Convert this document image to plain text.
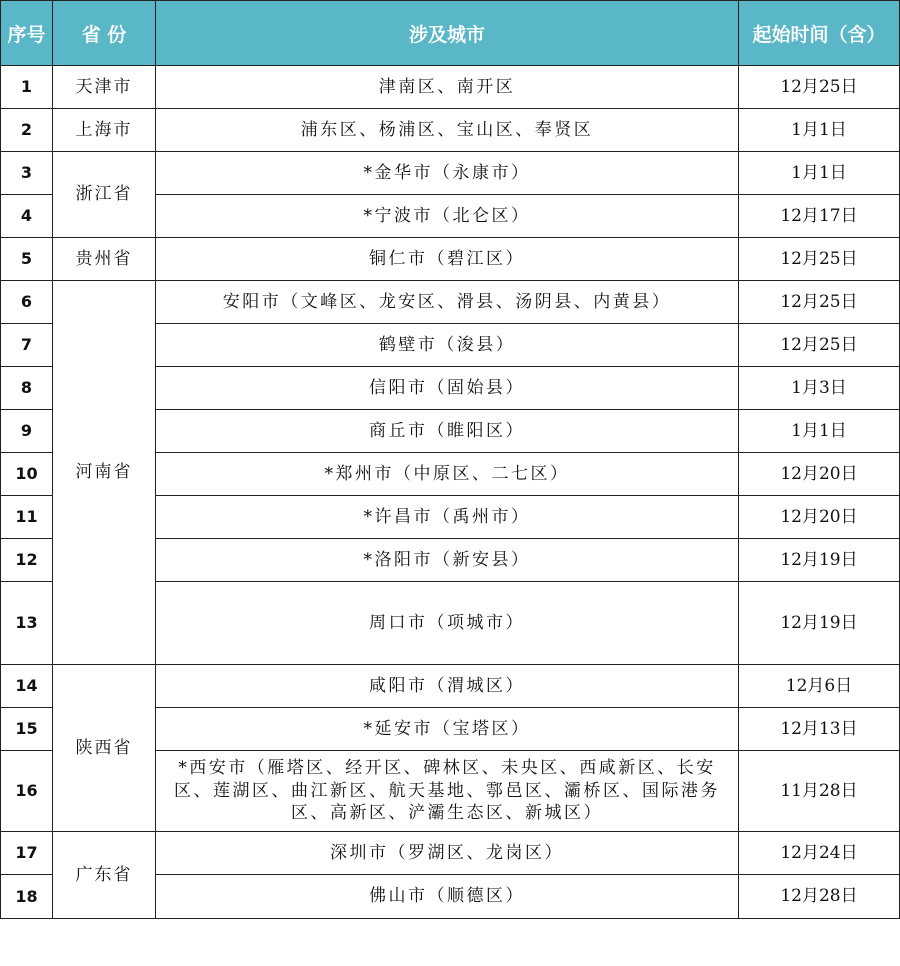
序号	省 份	涉及城市	起始时间（含）
1	天津市	津南区、南开区	12月25日
2	上海市	浦东区、杨浦区、宝山区、奉贤区	1月1日
3	浙江省	*金华市（永康市）	1月1日
4		*宁波市（北仑区）	12月17日
5	贵州省	铜仁市（碧江区）	12月25日
6	河南省	安阳市（文峰区、龙安区、滑县、汤阴县、内黄县）	12月25日
7		鹤壁市（浚县）	12月25日
8		信阳市（固始县）	1月3日
9		商丘市（睢阳区）	1月1日
10		*郑州市（中原区、二七区）	12月20日
11		*许昌市（禹州市）	12月20日
12		*洛阳市（新安县）	12月19日
13		周口市（项城市）	12月19日
14	陕西省	咸阳市（渭城区）	12月6日
15		*延安市（宝塔区）	12月13日
16		*西安市（雁塔区、经开区、碑林区、未央区、西咸新区、长安区、莲湖区、曲江新区、航天基地、鄠邑区、灞桥区、国际港务区、高新区、浐灞生态区、新城区）	11月28日
17	广东省	深圳市（罗湖区、龙岗区）	12月24日
18		佛山市（顺德区）	12月28日
